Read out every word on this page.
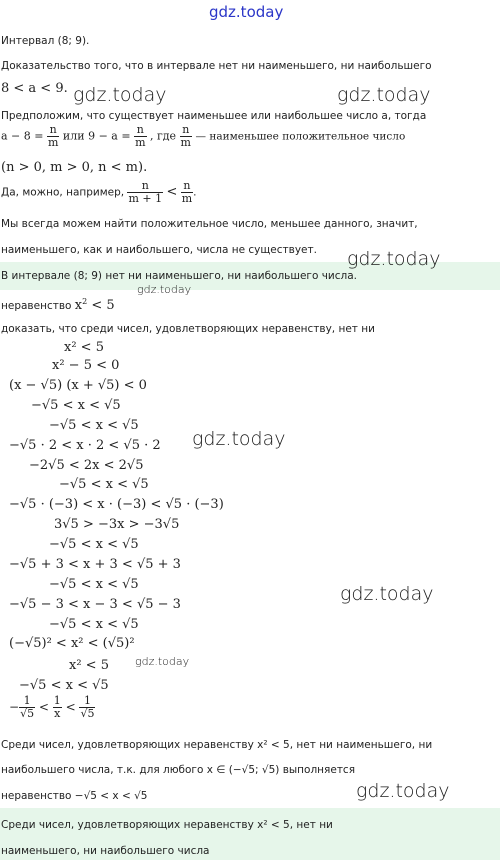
gdz.today
Интервал (8; 9).
Доказательство того, что в интервале нет ни наименьшего, ни наибольшего
8 < a < 9. gdz.today	gdz.today
Предположим, что существует наименьшее или наибольшее число a, тогда
$a - 8 = \frac{n}{m}$ или $9 - a = \frac{n}{m}$ , где $\frac{n}{m}$ — наименьшее положительное число
(n > 0, m > 0, n < m).
Да, можно, например, $\frac{n}{m + 1} < \frac{n}{m}$ .
Мы всегда можем найти положительное число, меньшее данного, значит,
наименьшего, как и наибольшего, числа не существует. gdz.today
В интервале (8; 9) нет ни наименьшего, ни наибольшего числа.
неравенство $x^2 < 5$
gdz.today
доказать, что среди чисел, удовлетворяющих неравенству, нет ни
x² < 5
x² − 5 < 0
(x − √5) (x + √5) < 0
−√5 < x < √5
−√5 < x < √5
−√5 · 2 < x · 2 < √5 · 2 gdz.today
−2√5 < 2x < 2√5
−√5 < x < √5
−√5 · (−3) < x · (−3) < √5 · (−3)
3√5 > −3x > −3√5
−√5 < x < √5
−√5 + 3 < x + 3 < √5 + 3
−√5 < x < √5
−√5 − 3 < x − 3 < √5 − 3	gdz.today
−√5 < x < √5
(−√5)² < x² < (√5)²
x² < 5 gdz.today
−√5 < x < √5
− $\frac{1}{√5} < \frac{1}{x} < \frac{1}{√5}$
Среди чисел, удовлетворяющих неравенству x² < 5, нет ни наименьшего, ни
наибольшего числа, т.к. для любого x ∈ (−√5; √5) выполняется
неравенство −√5 < x < √5	gdz.today
Среди чисел, удовлетворяющих неравенству x² < 5, нет ни
наименьшего, ни наибольшего числа
